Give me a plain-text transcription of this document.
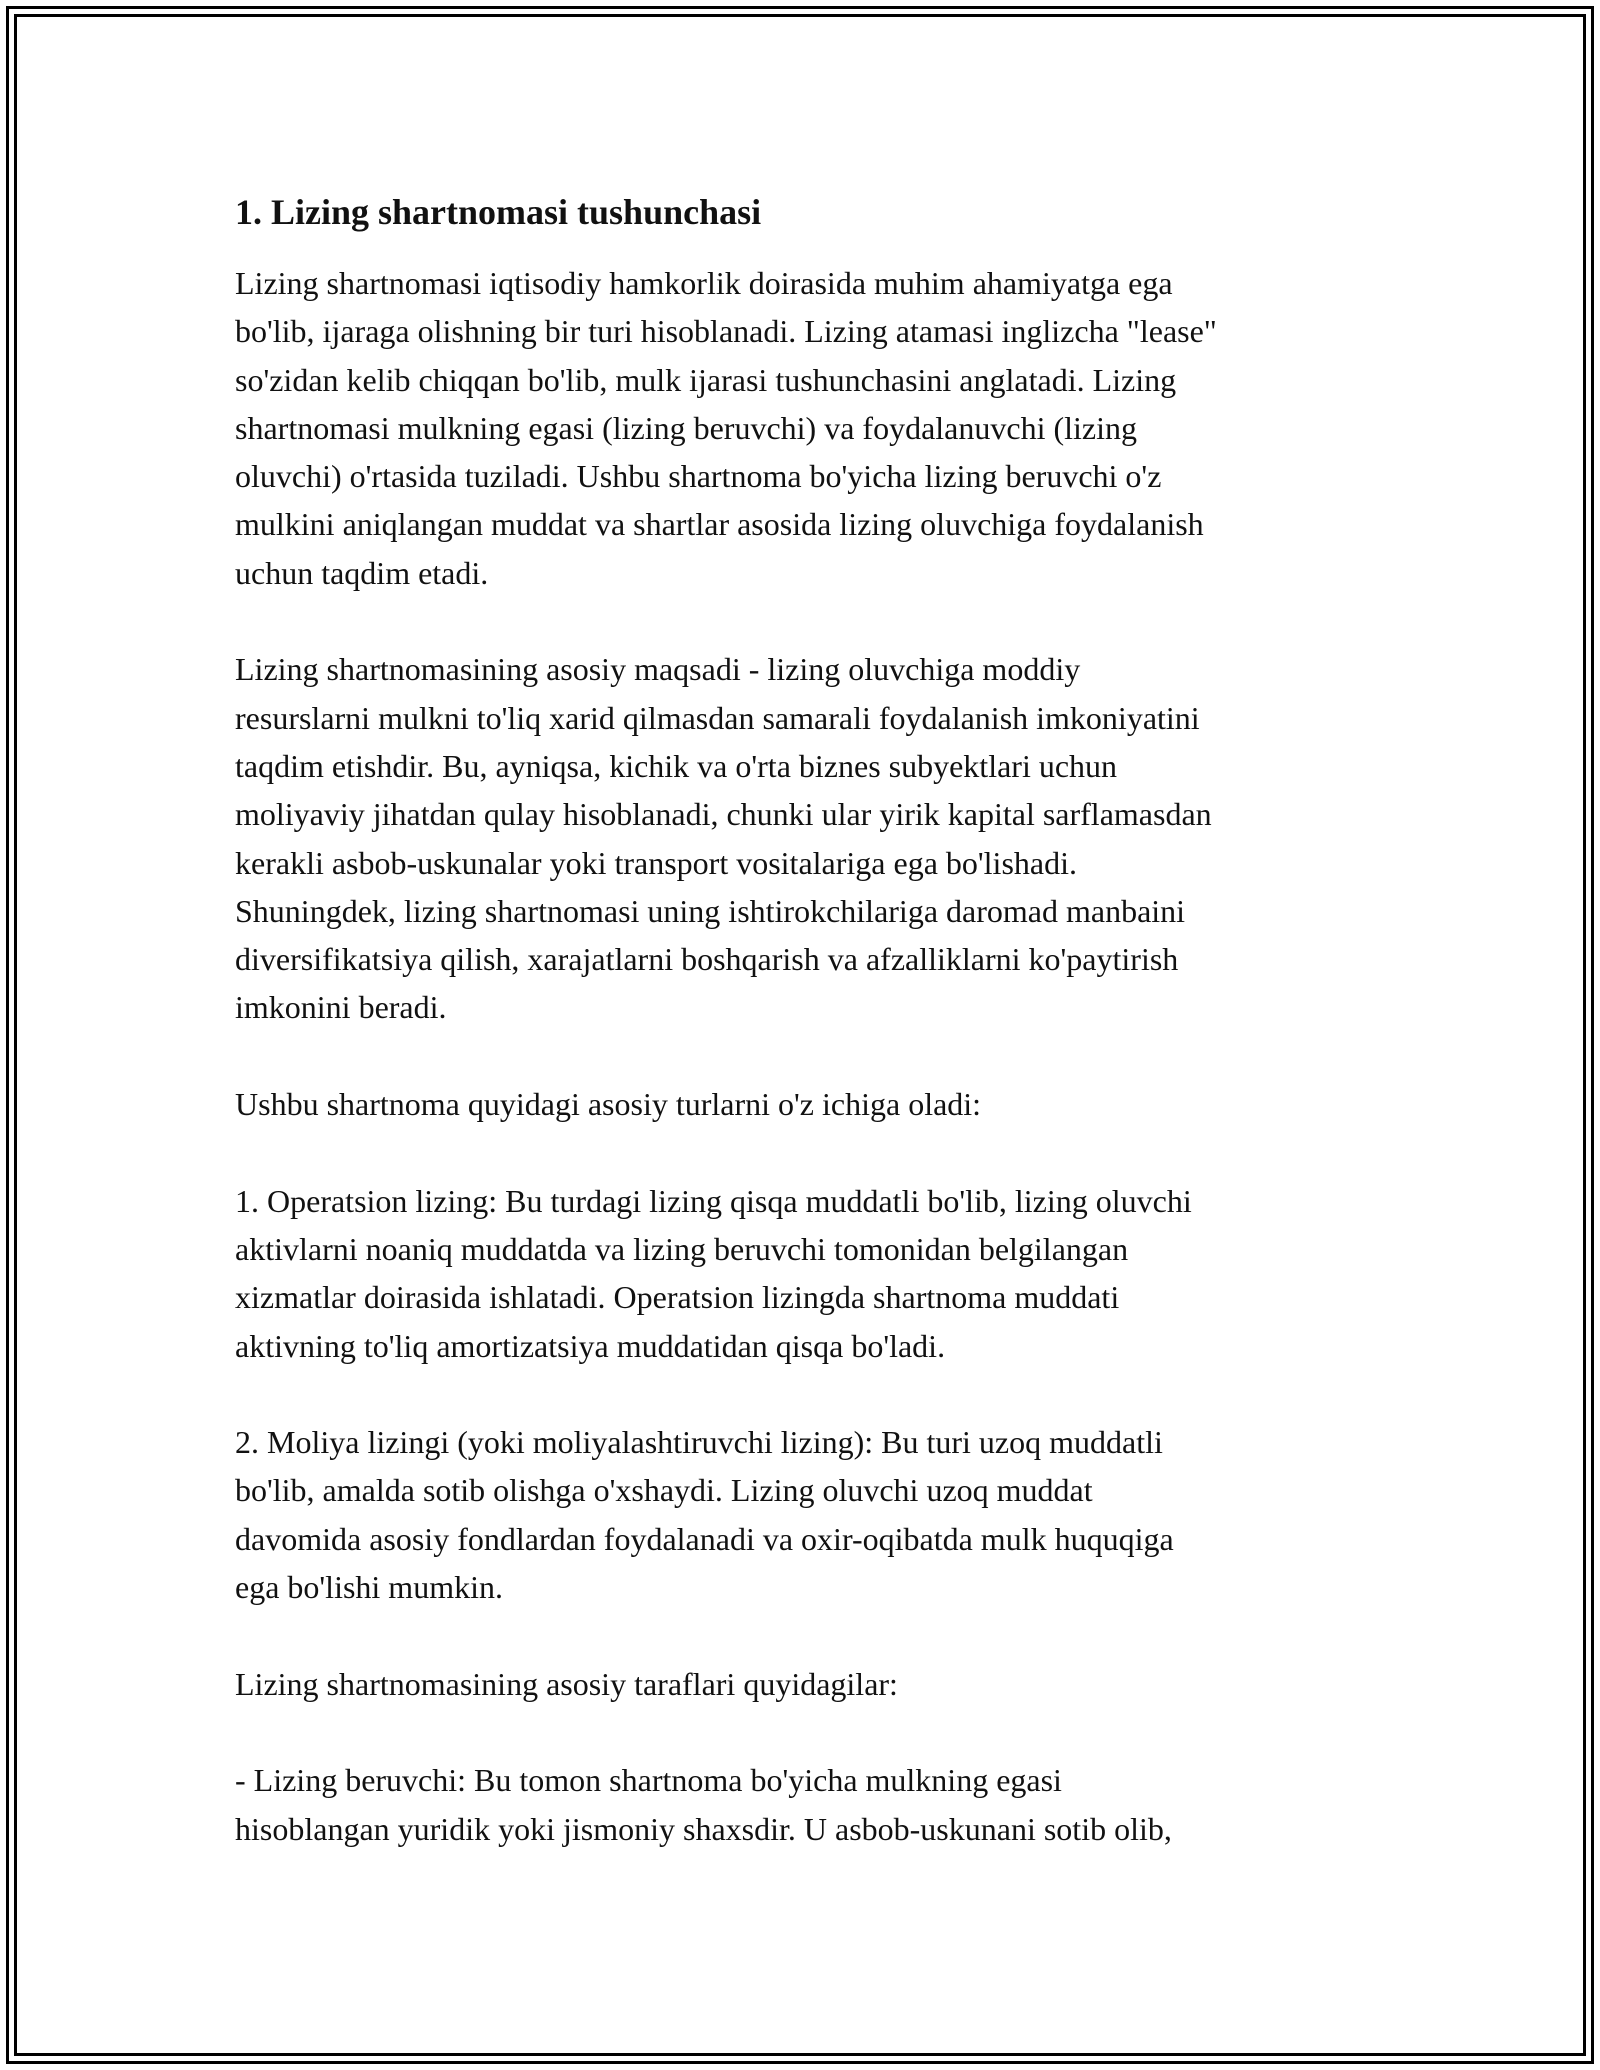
1. Lizing shartnomasi tushunchasi

Lizing shartnomasi iqtisodiy hamkorlik doirasida muhim ahamiyatga ega
bo'lib, ijaraga olishning bir turi hisoblanadi. Lizing atamasi inglizcha "lease"
so'zidan kelib chiqqan bo'lib, mulk ijarasi tushunchasini anglatadi. Lizing
shartnomasi mulkning egasi (lizing beruvchi) va foydalanuvchi (lizing
oluvchi) o'rtasida tuziladi. Ushbu shartnoma bo'yicha lizing beruvchi o'z
mulkini aniqlangan muddat va shartlar asosida lizing oluvchiga foydalanish
uchun taqdim etadi.

Lizing shartnomasining asosiy maqsadi - lizing oluvchiga moddiy
resurslarni mulkni to'liq xarid qilmasdan samarali foydalanish imkoniyatini
taqdim etishdir. Bu, ayniqsa, kichik va o'rta biznes subyektlari uchun
moliyaviy jihatdan qulay hisoblanadi, chunki ular yirik kapital sarflamasdan
kerakli asbob-uskunalar yoki transport vositalariga ega bo'lishadi.
Shuningdek, lizing shartnomasi uning ishtirokchilariga daromad manbaini
diversifikatsiya qilish, xarajatlarni boshqarish va afzalliklarni ko'paytirish
imkonini beradi.

Ushbu shartnoma quyidagi asosiy turlarni o'z ichiga oladi:

1. Operatsion lizing: Bu turdagi lizing qisqa muddatli bo'lib, lizing oluvchi
aktivlarni noaniq muddatda va lizing beruvchi tomonidan belgilangan
xizmatlar doirasida ishlatadi. Operatsion lizingda shartnoma muddati
aktivning to'liq amortizatsiya muddatidan qisqa bo'ladi.

2. Moliya lizingi (yoki moliyalashtiruvchi lizing): Bu turi uzoq muddatli
bo'lib, amalda sotib olishga o'xshaydi. Lizing oluvchi uzoq muddat
davomida asosiy fondlardan foydalanadi va oxir-oqibatda mulk huquqiga
ega bo'lishi mumkin.

Lizing shartnomasining asosiy taraflari quyidagilar:

- Lizing beruvchi: Bu tomon shartnoma bo'yicha mulkning egasi
hisoblangan yuridik yoki jismoniy shaxsdir. U asbob-uskunani sotib olib,
